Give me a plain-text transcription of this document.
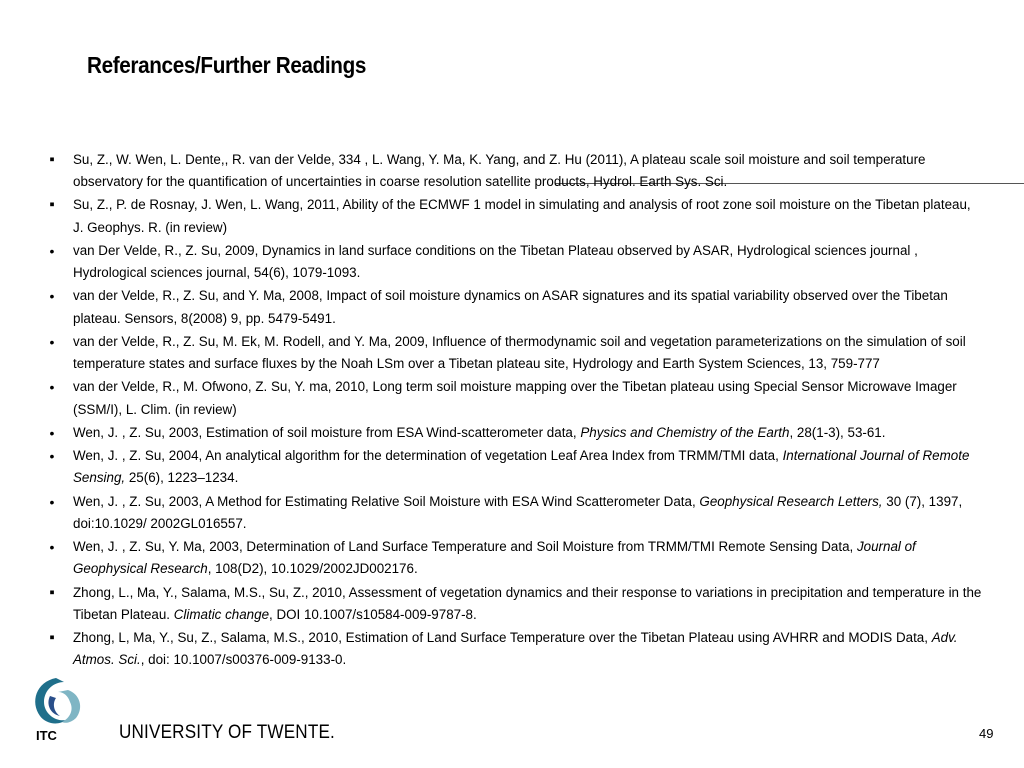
Referances/Further Readings
▪
Su, Z., W. Wen, L. Dente,, R. van der Velde, 334 , L. Wang, Y. Ma, K. Yang, and Z. Hu (2011), A plateau scale soil moisture and soil temperature observatory for the quantification of uncertainties in coarse resolution satellite products, Hydrol. Earth Sys. Sci.
▪
Su, Z., P. de Rosnay, J. Wen, L. Wang, 2011, Ability of the ECMWF 1 model in simulating and analysis of root zone soil moisture on the Tibetan plateau, J. Geophys. R. (in review)
•
van Der Velde, R., Z. Su, 2009, Dynamics in land surface conditions on the Tibetan Plateau observed by ASAR, Hydrological sciences journal , Hydrological sciences journal, 54(6), 1079-1093.
•
van der Velde, R., Z. Su, and Y. Ma, 2008, Impact of soil moisture dynamics on ASAR signatures and its spatial variability observed over the Tibetan plateau. Sensors, 8(2008) 9, pp. 5479-5491.
•
van der Velde, R., Z. Su, M. Ek, M. Rodell, and Y. Ma, 2009, Influence of thermodynamic soil and vegetation parameterizations on the simulation of soil temperature states and surface fluxes by the Noah LSm over a Tibetan plateau site, Hydrology and Earth System Sciences, 13, 759-777
•
van der Velde, R., M. Ofwono, Z. Su, Y. ma, 2010, Long term soil moisture mapping over the Tibetan plateau using Special Sensor Microwave Imager (SSM/I), L. Clim. (in review)
•
Wen, J. , Z. Su, 2003, Estimation of soil moisture from ESA Wind-scatterometer data, Physics and Chemistry of the Earth, 28(1-3), 53-61.
•
Wen, J. , Z. Su, 2004, An analytical algorithm for the determination of vegetation Leaf Area Index from TRMM/TMI data, International Journal of Remote Sensing, 25(6), 1223–1234.
•
Wen, J. , Z. Su, 2003, A Method for Estimating Relative Soil Moisture with ESA Wind Scatterometer Data, Geophysical Research Letters, 30 (7), 1397, doi:10.1029/ 2002GL016557.
•
Wen, J. , Z. Su, Y. Ma, 2003, Determination of Land Surface Temperature and Soil Moisture from TRMM/TMI Remote Sensing Data, Journal of Geophysical Research, 108(D2), 10.1029/2002JD002176.
▪
Zhong, L., Ma, Y., Salama, M.S., Su, Z., 2010, Assessment of vegetation dynamics and their response to variations in precipitation and temperature in the Tibetan Plateau. Climatic change, DOI 10.1007/s10584-009-9787-8.
▪
Zhong, L, Ma, Y., Su, Z., Salama, M.S., 2010, Estimation of Land Surface Temperature over the Tibetan Plateau using AVHRR and MODIS Data, Adv. Atmos. Sci., doi: 10.1007/s00376-009-9133-0.
ITC	UNIVERSITY OF TWENTE.	49
